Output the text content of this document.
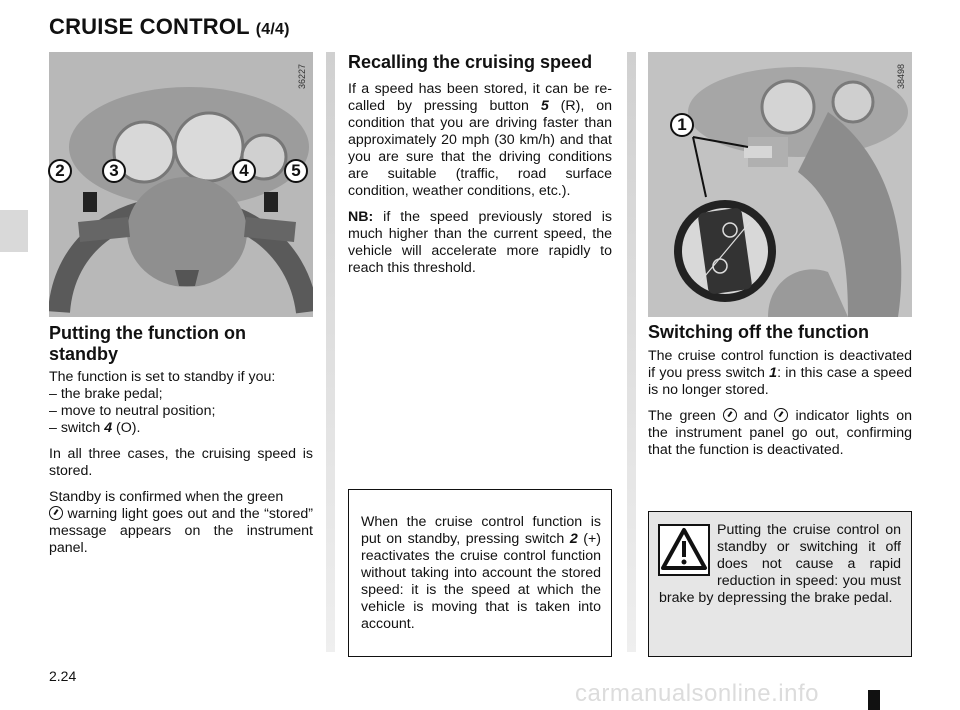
CRUISE CONTROL (4/4)
36227
2	3	4	5
38498
1
Putting the function on
standby

The function is set to standby if you:
– the brake pedal;
– move to neutral position;
– switch 4 (O).

In all three cases, the cruising speed is stored.

Standby is confirmed when the green
warning light goes out and the “stored” message appears on the instrument panel.

Recalling the cruising speed

If a speed has been stored, it can be re-called by pressing button 5 (R), on condition that you are driving faster than approximately 20 mph (30 km/h) and that you are sure that the driving conditions are suitable (traffic, road surface condition, weather conditions, etc.).

NB: if the speed previously stored is much higher than the current speed, the vehicle will accelerate more rapidly to reach this threshold.

When the cruise control function is put on standby, pressing switch 2 (+) reactivates the cruise control function without taking into account the stored speed: it is the speed at which the vehicle is moving that is taken into account.
Switching off the function

The cruise control function is deactivated if you press switch 1: in this case a speed is no longer stored.

The green  and  indicator lights on the instrument panel go out, confirming that the function is deactivated.

Putting the cruise control on standby or switching it off does not cause a rapid reduction in speed: you must brake by depressing the brake pedal.
2.24
carmanualsonline.info
